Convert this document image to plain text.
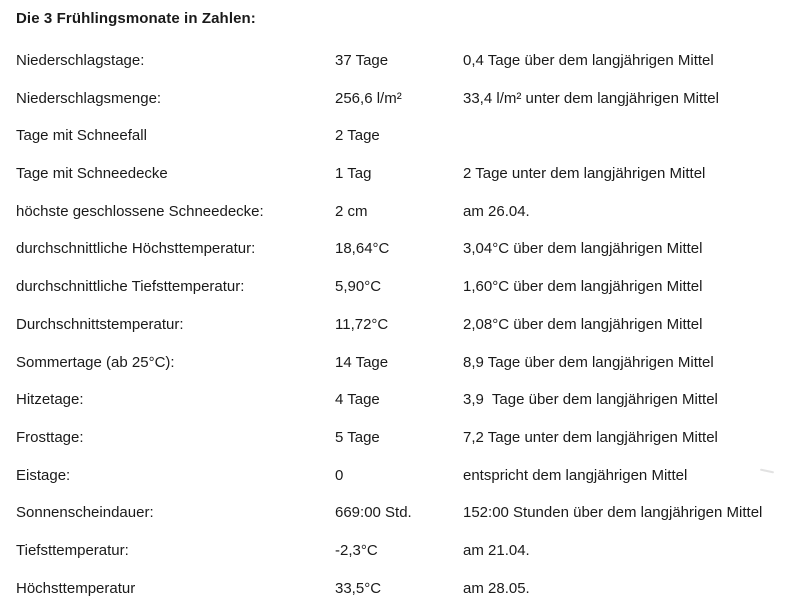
Die 3 Frühlingsmonate in Zahlen:
Niederschlagstage:	37 Tage	0,4 Tage über dem langjährigen Mittel
Niederschlagsmenge:	256,6 l/m²	33,4 l/m² unter dem langjährigen Mittel
Tage mit Schneefall	2 Tage
Tage mit Schneedecke	1 Tag	2 Tage unter dem langjährigen Mittel
höchste geschlossene Schneedecke:	2 cm	am 26.04.
durchschnittliche Höchsttemperatur:	18,64°C	3,04°C über dem langjährigen Mittel
durchschnittliche Tiefsttemperatur:	5,90°C	1,60°C über dem langjährigen Mittel
Durchschnittstemperatur:	11,72°C	2,08°C über dem langjährigen Mittel
Sommertage (ab 25°C):	14 Tage	8,9 Tage über dem langjährigen Mittel
Hitzetage:	4 Tage	3,9  Tage über dem langjährigen Mittel
Frosttage:	5 Tage	7,2 Tage unter dem langjährigen Mittel
Eistage:	0	entspricht dem langjährigen Mittel
Sonnenscheindauer:	669:00 Std.	152:00 Stunden über dem langjährigen Mittel
Tiefsttemperatur:	-2,3°C	am 21.04.
Höchsttemperatur	33,5°C	am 28.05.
